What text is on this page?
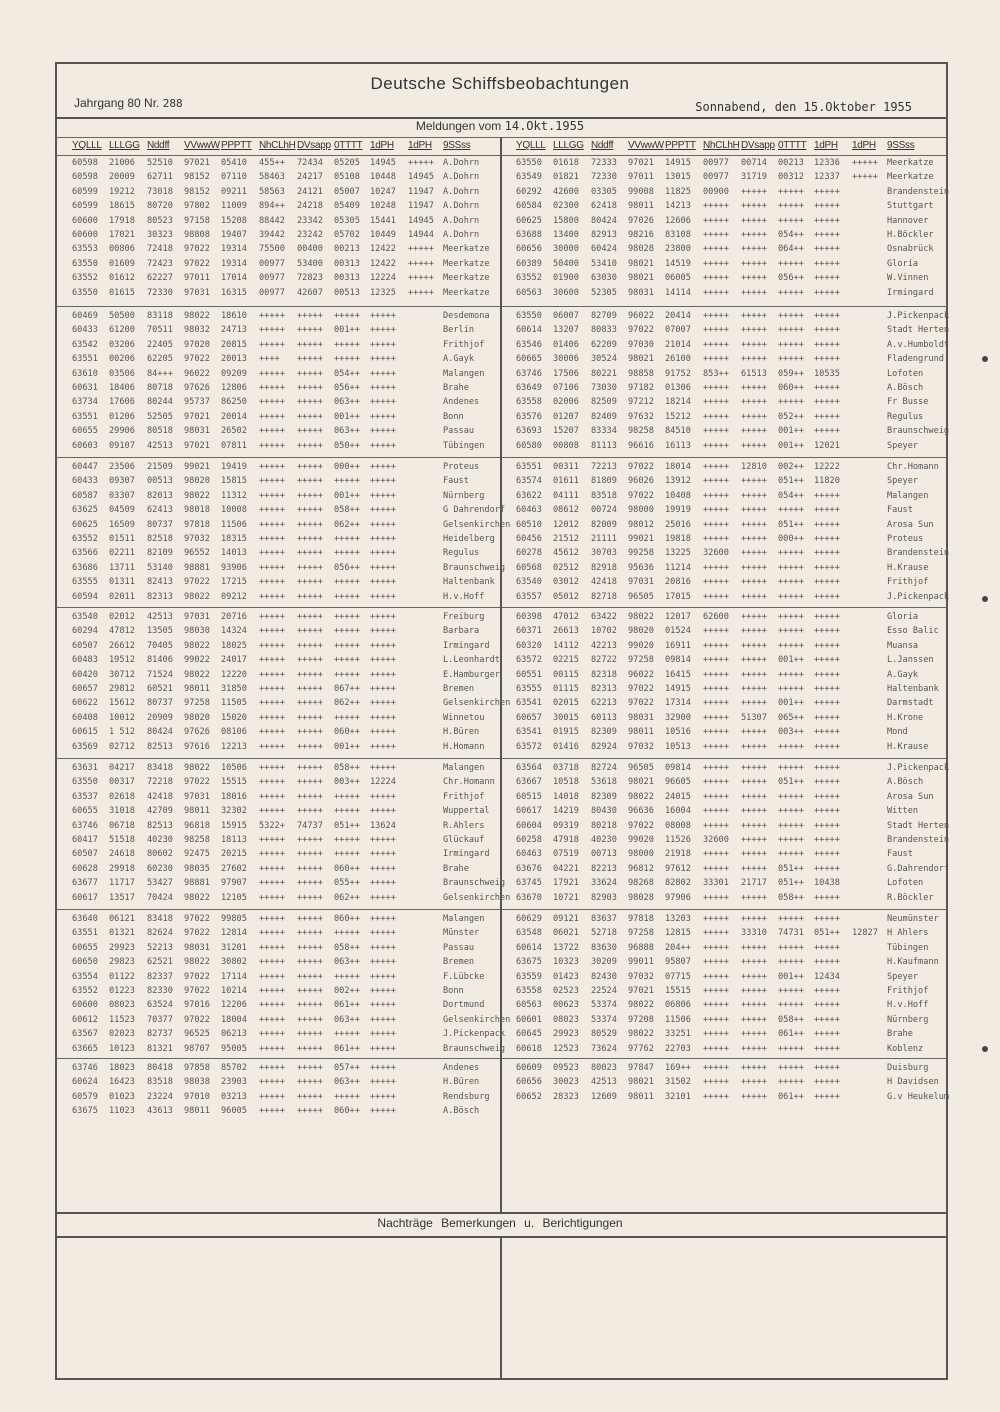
Deutsche Schiffsbeobachtungen
Jahrgang 80 Nr. 288	Sonnabend, den 15.Oktober 1955
Meldungen vom 14.Okt.1955
YQLLL LLLGG Nddff VVwwW PPPTT NhCLhH DVsapp 0TTTT 1dPH 1dPH 9SSss	YQLLL LLLGG Nddff VVwwW PPPTT NhCLhH DVsapp 0TTTT 1dPH 1dPH 9SSss
60598 21006 52510 97021 05410 455++ 72434 05205 14945 +++++ A.Dohrn
60598 20009 62711 98152 07110 58463 24217 05108 10448 14945 A.Dohrn
60599 19212 73018 98152 09211 58563 24121 05007 10247 11947 A.Dohrn
60599 18615 80720 97802 11009 894++ 24218 05409 10248 11947 A.Dohrn
60600 17918 80523 97158 15208 88442 23342 05305 15441 14945 A.Dohrn
60600 17021 30323 98808 19407 39442 23242 05702 10449 14944 A.Dohrn
63553 00806 72418 97022 19314 75500 00400 00213 12422 +++++ Meerkatze
63550 01609 72423 97022 19314 00977 53400 00313 12422 +++++ Meerkatze
63552 01612 62227 97011 17014 00977 72823 00313 12224 +++++ Meerkatze
63550 01615 72330 97031 16315 00977 42607 00513 12325 +++++ Meerkatze
60469 50500 83118 98022 18610 +++++ +++++ +++++ +++++	Desdemona
60433 61200 70511 98032 24713 +++++ +++++ 001++ +++++	Berlin
63542 03206 22405 97020 20815 +++++ +++++ +++++ +++++	Frithjof
63551 00206 62205 97022 20013 ++++ +++++ +++++ +++++	A.Gayk
63610 03506 84+++ 96022 09209 +++++ +++++ 054++ +++++	Malangen
60631 18406 80718 97626 12806 +++++ +++++ 056++ +++++	Brahe
63734 17606 80244 95737 86250 +++++ +++++ 063++ +++++	Andenes
63551 01206 52505 97021 20014 +++++ +++++ 001++ +++++	Bonn
60655 29906 80518 98031 26502 +++++ +++++ 063++ +++++	Passau
60603 09107 42513 97021 07811 +++++ +++++ 050++ +++++	Tübingen
60447 23506 21509 99021 19419 +++++ +++++ 000++ +++++	Proteus
60433 09307 00513 98020 15815 +++++ +++++ +++++ +++++	Faust
60587 03307 82013 98022 11312 +++++ +++++ 001++ +++++	Nürnberg
63625 04509 62413 98018 10008 +++++ +++++ 058++ +++++	G Dahrendorf
60625 16509 80737 97818 11506 +++++ +++++ 062++ +++++	Gelsenkirchen
63552 01511 82518 97032 18315 +++++ +++++ +++++ +++++	Heidelberg
63566 02211 82109 96552 14013 +++++ +++++ +++++ +++++	Regulus
63686 13711 53140 98881 93906 +++++ +++++ 056++ +++++	Braunschweig
63555 01311 82413 97022 17215 +++++ +++++ +++++ +++++	Haltenbank
60594 02011 82313 98022 09212 +++++ +++++ +++++ +++++	H.v.Hoff
63540 02012 42513 97031 20716 +++++ +++++ +++++ +++++	Freiburg
60294 47812 13505 98030 14324 +++++ +++++ +++++ +++++	Barbara
60507 26612 70405 98022 18025 +++++ +++++ +++++ +++++	Irmingard
60483 19512 81406 99022 24017 +++++ +++++ +++++ +++++	L.Leonhardt
60420 30712 71524 98022 12220 +++++ +++++ +++++ +++++	E.Hamburger
60657 29812 60521 98011 31850 +++++ +++++ 067++ +++++	Bremen
60622 15612 80737 97258 11505 +++++ +++++ 062++ +++++	Gelsenkirchen
60408 10012 20909 98020 15020 +++++ +++++ +++++ +++++	Winnetou
60615 1 512 80424 97626 08106 +++++ +++++ 060++ +++++	H.Büren
63569 02712 82513 97616 12213 +++++ +++++ 001++ +++++	H.Homann
63631 04217 83418 98022 10506 +++++ +++++ 058++ +++++	Malangen
63550 00317 72218 97022 15515 +++++ +++++ 003++ 12224	Chr.Homann
63537 02618 42418 97031 18016 +++++ +++++ +++++ +++++	Frithjof
60655 31018 42709 98011 32302 +++++ +++++ +++++ +++++	Wuppertal
63746 06718 82513 96818 15915 5322+ 74737 051++ 13624	R.Ahlers
60417 51518 40230 98258 18113 +++++ +++++ +++++ +++++	Glückauf
60507 24618 80602 92475 20215 +++++ +++++ +++++ +++++	Irmingard
60628 29918 60230 98035 27602 +++++ +++++ 060++ +++++	Brahe
63677 11717 53427 98881 97907 +++++ +++++ 055++ +++++	Braunschweig
60617 13517 70424 98022 12105 +++++ +++++ 062++ +++++	Gelsenkirchen
63640 06121 83418 97022 99805 +++++ +++++ 060++ +++++	Malangen
63551 01321 82624 97022 12814 +++++ +++++ +++++ +++++	Münster
60655 29923 52213 98031 31201 +++++ +++++ 058++ +++++	Passau
60650 29823 62521 98022 30802 +++++ +++++ 063++ +++++	Bremen
63554 01122 82337 97022 17114 +++++ +++++ +++++ +++++	F.Lübcke
63552 01223 82330 97022 10214 +++++ +++++ 002++ +++++	Bonn
60600 08023 63524 97016 12206 +++++ +++++ 061++ +++++	Dortmund
60612 11523 70377 97022 18004 +++++ +++++ 063++ +++++	Gelsenkirchen
63567 02023 82737 96525 06213 +++++ +++++ +++++ +++++	J.Pickenpack
63665 10123 81321 98707 95005 +++++ +++++ 061++ +++++	Braunschweig
63746 18023 80418 97858 85702 +++++ +++++ 057++ +++++	Andenes
60624 16423 83518 98038 23903 +++++ +++++ 063++ +++++	H.Büren
60579 01023 23224 97010 03213 +++++ +++++ +++++ +++++	Rendsburg
63675 11023 43613 98011 96005 +++++ +++++ 060++ +++++	A.Bösch
63550 01618 72333 97021 14915 00977 00714 00213 12336 +++++ Meerkatze
63549 01821 72330 97011 13015 00977 31719 00312 12337 +++++ Meerkatze
60292 42600 03305 99008 11825 00900 +++++ +++++ +++++	Brandenstein
60584 02300 62418 98011 14213 +++++ +++++ +++++ +++++	Stuttgart
60625 15800 80424 97026 12606 +++++ +++++ +++++ +++++	Hannover
63688 13400 82913 98216 83108 +++++ +++++ 054++ +++++	H.Böckler
60656 30000 60424 98028 23800 +++++ +++++ 064++ +++++	Osnabrück
60389 50400 53410 98021 14519 +++++ +++++ +++++ +++++	Gloria
63552 01900 63030 98021 06005 +++++ +++++ 056++ +++++	W.Vinnen
60563 30600 52305 98031 14114 +++++ +++++ +++++ +++++	Irmingard
63550 06007 82709 96022 20414 +++++ +++++ +++++ +++++	J.Pickenpack
60614 13207 80833 97022 07007 +++++ +++++ +++++ +++++	Stadt Herten
63546 01406 62209 97030 21014 +++++ +++++ +++++ +++++	A.v.Humboldt
60665 30006 30524 98021 26100 +++++ +++++ +++++ +++++	Fladengrund
63746 17506 80221 98858 91752 853++ 61513 059++ 10535	Lofoten
63649 07106 73030 97182 01306 +++++ +++++ 060++ +++++	A.Bösch
63558 02006 82509 97212 18214 +++++ +++++ +++++ +++++	Fr Busse
63576 01207 82409 97632 15212 +++++ +++++ 052++ +++++	Regulus
63693 15207 83334 98258 84510 +++++ +++++ 001++ +++++	Braunschweig
60580 00808 81113 96616 16113 +++++ +++++ 001++ 12021	Speyer
63551 00311 72213 97022 18014 +++++ 12810 002++ 12222	Chr.Homann
63574 01611 81809 96026 13912 +++++ +++++ 051++ 11820	Speyer
63622 04111 83518 97022 10408 +++++ +++++ 054++ +++++	Malangen
60463 08612 00724 98000 19919 +++++ +++++ +++++ +++++	Faust
60510 12012 82009 98012 25016 +++++ +++++ 051++ +++++	Arosa Sun
60456 21512 21111 99021 19818 +++++ +++++ 000++ +++++	Proteus
60278 45612 30703 99258 13225 32600 +++++ +++++ +++++	Brandenstein
60568 02512 82918 95636 11214 +++++ +++++ +++++ +++++	H.Krause
63540 03012 42418 97031 20816 +++++ +++++ +++++ +++++	Frithjof
63557 05012 82718 96505 17015 +++++ +++++ +++++ +++++	J.Pickenpack
60398 47012 63422 98022 12017 62600 +++++ +++++ +++++	Gloria
60371 26613 10702 98020 01524 +++++ +++++ +++++ +++++	Esso Balic
60320 14112 42213 99020 16911 +++++ +++++ +++++ +++++	Muansa
63572 02215 82722 97258 09814 +++++ +++++ 001++ +++++	L.Janssen
60551 00115 82318 96022 16415 +++++ +++++ +++++ +++++	A.Gayk
63555 01115 82313 97022 14915 +++++ +++++ +++++ +++++	Haltenbank
63541 02015 62213 97022 17314 +++++ +++++ 001++ +++++	Darmstadt
60657 30015 60113 98031 32900 +++++ 51307 065++ +++++	H.Krone
63541 01915 82309 98011 10516 +++++ +++++ 003++ +++++	Mond
63572 01416 82924 97032 10513 +++++ +++++ +++++ +++++	H.Krause
63564 03718 82724 96505 09814 +++++ +++++ +++++ +++++	J.Pickenpack
63667 10518 53618 98021 96605 +++++ +++++ 051++ +++++	A.Bösch
60515 14018 82309 98022 24015 +++++ +++++ +++++ +++++	Arosa Sun
60617 14219 80430 96636 16004 +++++ +++++ +++++ +++++	Witten
60604 09319 80218 97022 08008 +++++ +++++ +++++ +++++	Stadt Herten
60258 47918 40230 99020 11526 32600 +++++ +++++ +++++	Brandenstein
60463 07519 00713 98000 21918 +++++ +++++ +++++ +++++	Faust
63676 04221 82213 96812 97612 +++++ +++++ 051++ +++++	G.Dahrendorf
63745 17921 33624 98268 82802 33301 21717 051++ 10438	Lofoten
63670 10721 82903 98028 97906 +++++ +++++ 058++ +++++	R.Böckler
60629 09121 83637 97818 13203 +++++ +++++ +++++ +++++	Neumünster
63548 06021 52718 97258 12815 +++++ 33310 74731 051++ 12827 H Ahlers
60614 13722 83630 96888 204++ +++++ +++++ +++++ +++++	Tübingen
63675 10323 30209 99011 95807 +++++ +++++ +++++ +++++	H.Kaufmann
63559 01423 82430 97032 07715 +++++ +++++ 001++ 12434	Speyer
63558 02523 22524 97021 15515 +++++ +++++ +++++ +++++	Frithjof
60563 00623 53374 98022 06806 +++++ +++++ +++++ +++++	H.v.Hoff
60601 08023 53374 97208 11506 +++++ +++++ 058++ +++++	Nürnberg
60645 29923 80529 98022 33251 +++++ +++++ 061++ +++++	Brahe
60618 12523 73624 97762 22703 +++++ +++++ +++++ +++++	Koblenz
60609 09523 80023 97847 169++ +++++ +++++ +++++ +++++	Duisburg
60656 30023 42513 98021 31502 +++++ +++++ +++++ +++++	H Davidsen
60652 28323 12609 98011 32101 +++++ +++++ 061++ +++++	G.v Heukelum
Nachträge Bemerkungen u. Berichtigungen
